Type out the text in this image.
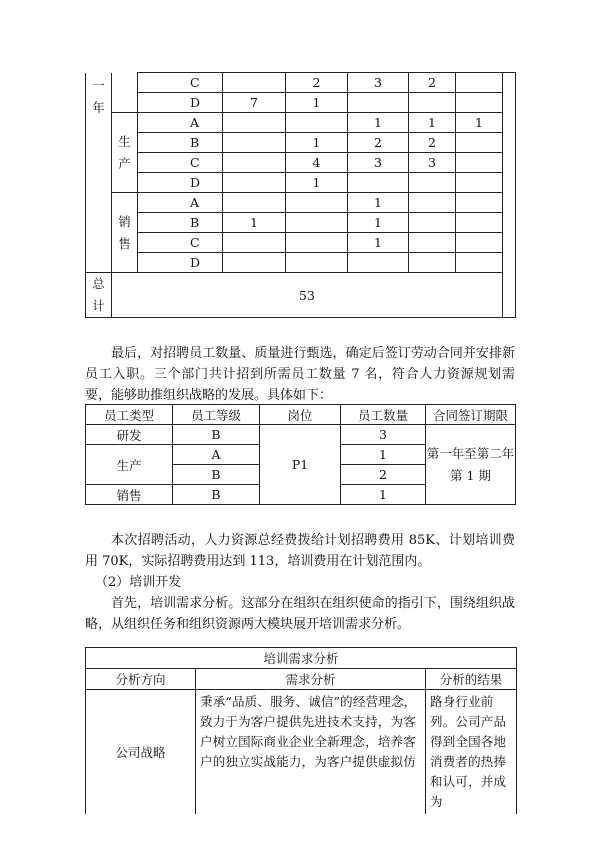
一
年		C		2	3	2		
		D	7	1				

	生
产	A			1	1	1	
		B		1	2	2		
		C		4	3	3		
		D		1				

	销
售	A			1			
		B	1		1			
		C			1			
		D						

总
计	53							
最后，对招聘员工数量、质量进行甄选，确定后签订劳动合同并安排新员工入职。三个部门共计招到所需员工数量 7 名，符合人力资源规划需要，能够助推组织战略的发展。具体如下：
员工类型	员工等级	岗位	员工数量	合同签订期限
研发	B	P1	3	第一年至第二年
第 1 期
生产	A		1	
	B		2	
销售	B		1	
本次招聘活动，人力资源总经费拨给计划招聘费用 85K、计划培训费用 70K，实际招聘费用达到 113，培训费用在计划范围内。
（2）培训开发
首先，培训需求分析。这部分在组织在组织使命的指引下，围绕组织战略，从组织任务和组织资源两大模块展开培训需求分析。
培训需求分析		
分析方向	需求分析	分析的结果
公司战略	秉承“品质、服务、诚信”的经营理念，致力于为客户提供先进技术支持，为客户树立国际商业企业全新理念，培养客户的独立实战能力，为客户提供虚拟仿	路身行业前列。公司产品得到全国各地消费者的热捧和认可，并成为
